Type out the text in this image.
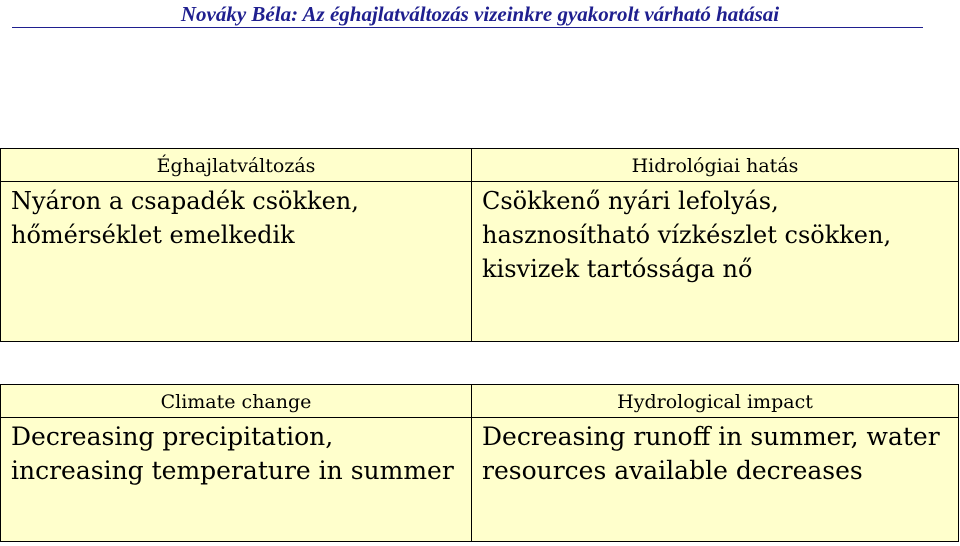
Nováky Béla: Az éghajlatváltozás vizeinkre gyakorolt várható hatásai
Éghajlatváltozás	Hidrológiai hatás
Nyáron a csapadék csökken, hőmérséklet emelkedik	Csökkenő nyári lefolyás, hasznosítható vízkészlet csökken, kisvizek tartóssága nő
Climate change	Hydrological impact
Decreasing precipitation, increasing temperature in summer	Decreasing runoff in summer, water resources available decreases
